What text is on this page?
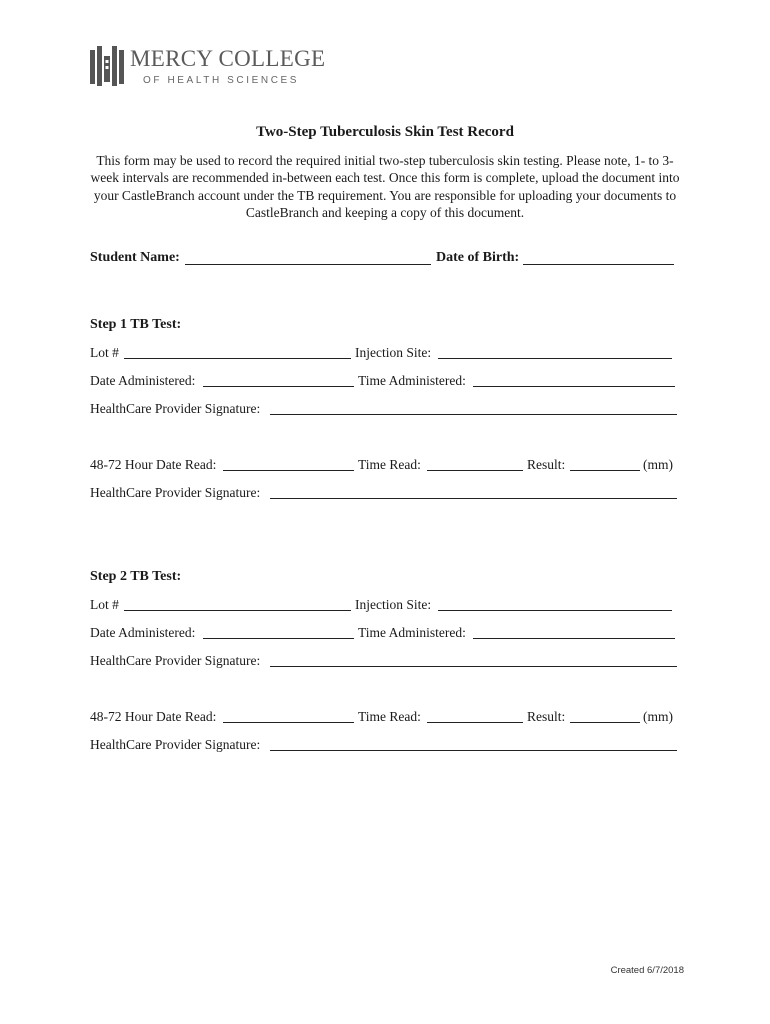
MERCY COLLEGE
OF HEALTH SCIENCES
Two-Step Tuberculosis Skin Test Record
This form may be used to record the required initial two-step tuberculosis skin testing. Please note, 1- to 3- week intervals are recommended in-between each test. Once this form is complete, upload the document into your CastleBranch account under the TB requirement. You are responsible for uploading your documents to CastleBranch and keeping a copy of this document.
Student Name:	Date of Birth:
Step 1 TB Test:
Lot #	Injection Site:
Date Administered:	Time Administered:
HealthCare Provider Signature:
48-72 Hour Date Read:	Time Read:	Result:	(mm)
HealthCare Provider Signature:
Step 2 TB Test:
Lot #	Injection Site:
Date Administered:	Time Administered:
HealthCare Provider Signature:
48-72 Hour Date Read:	Time Read:	Result:	(mm)
HealthCare Provider Signature:
Created 6/7/2018
